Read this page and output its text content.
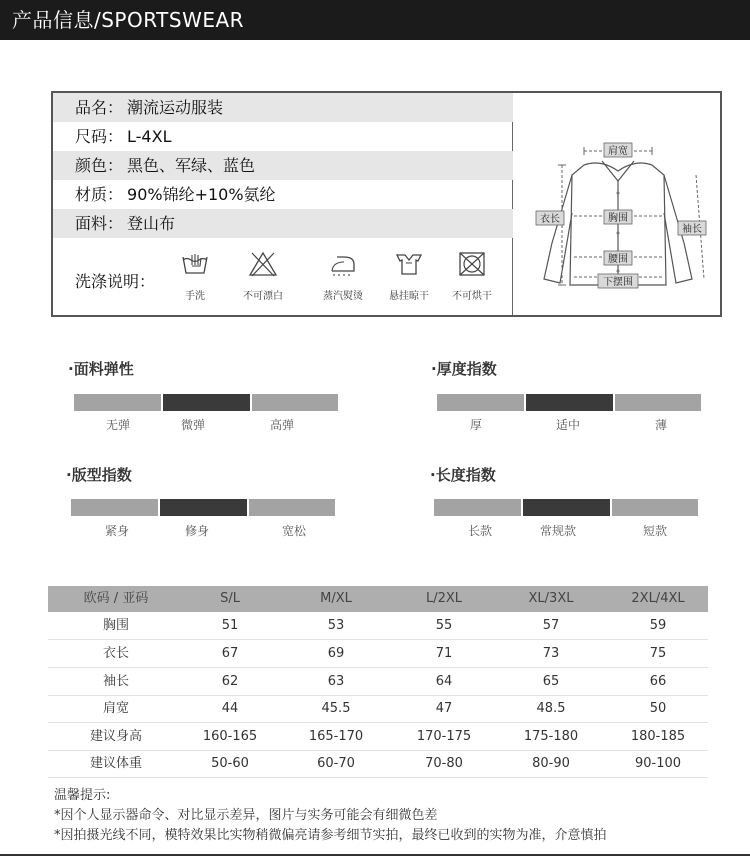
产品信息/SPORTSWEAR
品名： 潮流运动服装
尺码： L-4XL
颜色： 黑色、军绿、蓝色
材质： 90%锦纶+10%氨纶
面料： 登山布
洗涤说明：
手洗	不可漂白	蒸汽熨烫	悬挂晾干	不可烘干
肩宽
衣长	胸围
袖长
腰围
下摆围
·面料弹性
无弹	微弹	高弹
·厚度指数
厚	适中	薄
·版型指数
紧身	修身	宽松
·长度指数
长款	常规款	短款
欧码 / 亚码	S/L	M/XL	L/2XL	XL/3XL	2XL/4XL
胸围	51	53	55	57	59
衣长	67	69	71	73	75
袖长	62	63	64	65	66
肩宽	44	45.5	47	48.5	50
建议身高	160-165	165-170	170-175	175-180	180-185
建议体重	50-60	60-70	70-80	80-90	90-100
温馨提示:
*因个人显示器命令、对比显示差异，图片与实务可能会有细微色差
*因拍摄光线不同，模特效果比实物稍微偏亮请参考细节实拍，最终已收到的实物为准，介意慎拍
